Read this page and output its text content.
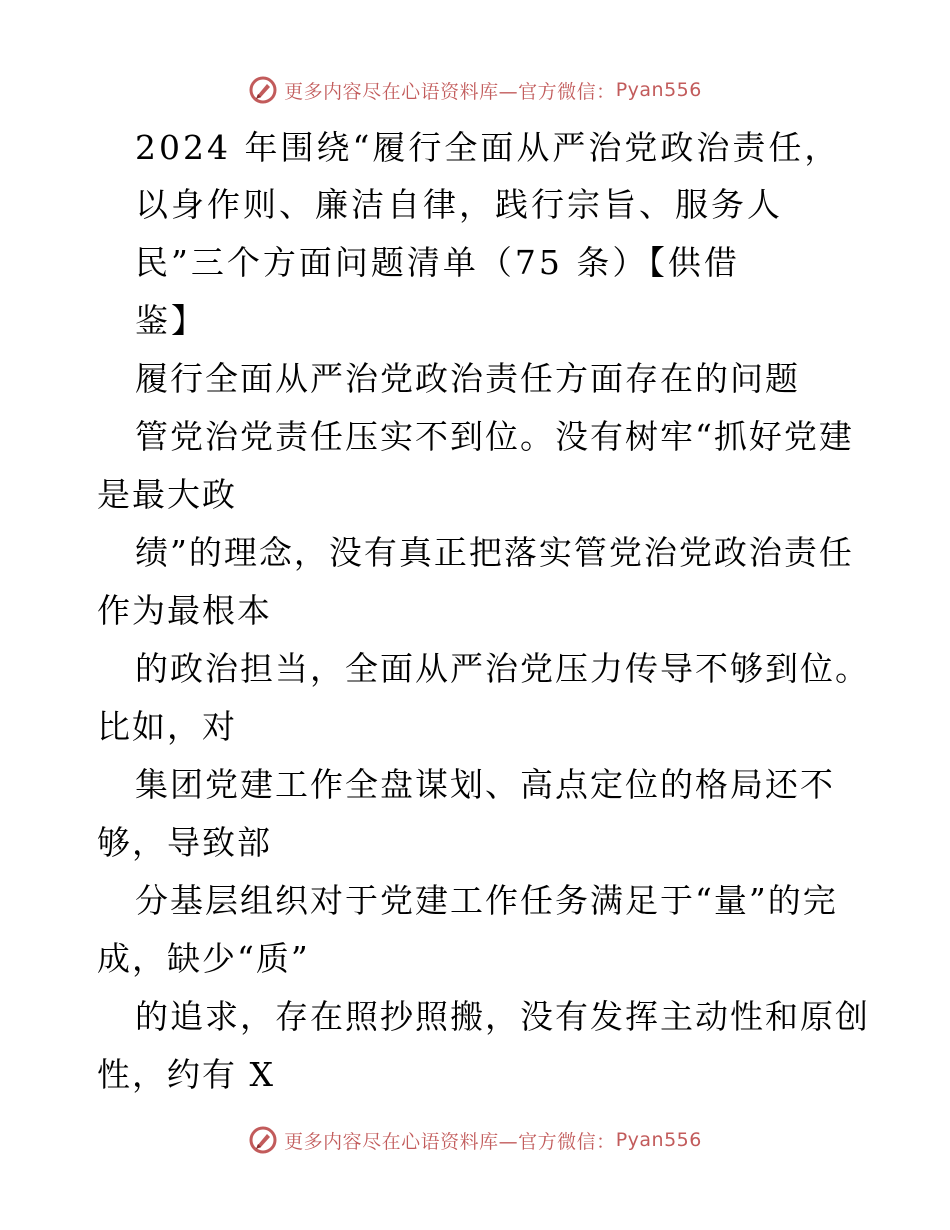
更多内容尽在心语资料库 —官方微信： Pyan556
2024 年围绕“履行全面从严治党政治责任，
以身作则、廉洁自律，践行宗旨、服务人
民”三个方面问题清单（75 条）【供借
鉴】
履行全面从严治党政治责任方面存在的问题
管党治党责任压实不到位。没有树牢“抓好党建
是最大政
绩”的理念，没有真正把落实管党治党政治责任
作为最根本
的政治担当，全面从严治党压力传导不够到位。
比如，对
集团党建工作全盘谋划、高点定位的格局还不
够，导致部
分基层组织对于党建工作任务满足于“量”的完
成，缺少“质”
的追求，存在照抄照搬，没有发挥主动性和原创
性，约有 X
更多内容尽在心语资料库 —官方微信： Pyan556
